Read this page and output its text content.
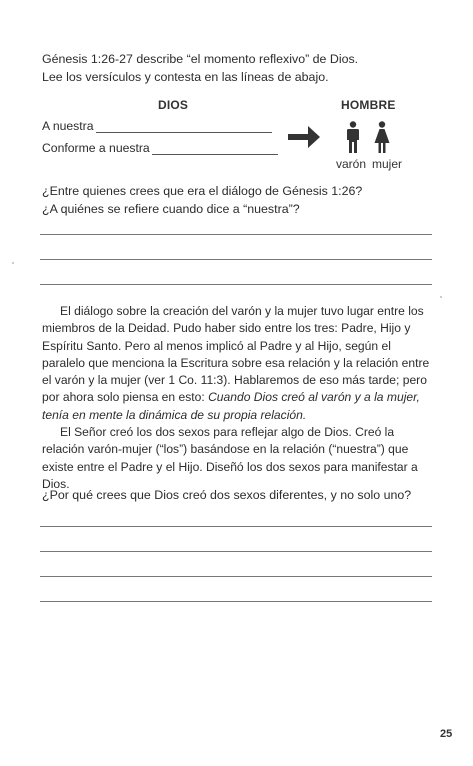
Génesis 1:26-27 describe “el momento reflexivo” de Dios.

Lee los versículos y contesta en las líneas de abajo.

DIOS	HOMBRE
A nuestra
Conforme a nuestra
varón mujer

¿Entre quienes crees que era el diálogo de Génesis 1:26?

¿A quiénes se refiere cuando dice a “nuestra”?

El diálogo sobre la creación del varón y la mujer tuvo lugar entre los miembros de la Deidad. Pudo haber sido entre los tres: Padre, Hijo y Espíritu Santo. Pero al menos implicó al Padre y al Hijo, según el paralelo que menciona la Escritura sobre esa relación y la relación entre el varón y la mujer (ver 1 Co. 11:3). Hablaremos de eso más tarde; pero por ahora solo piensa en esto: Cuando Dios creó al varón y a la mujer, tenía en mente la dinámica de su propia relación.

El Señor creó los dos sexos para reflejar algo de Dios. Creó la relación varón-mujer (“los”) basándose en la relación (“nuestra”) que existe entre el Padre y el Hijo. Diseñó los dos sexos para manifestar a Dios.

¿Por qué crees que Dios creó dos sexos diferentes, y no solo uno?

25
